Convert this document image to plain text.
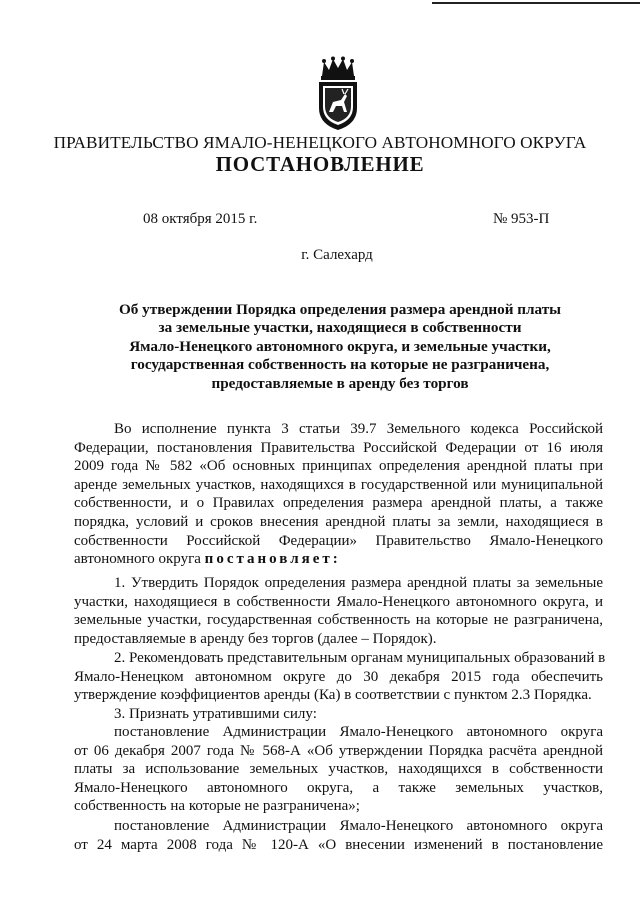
ПРАВИТЕЛЬСТВО ЯМАЛО-НЕНЕЦКОГО АВТОНОМНОГО ОКРУГА
ПОСТАНОВЛЕНИЕ
08 октября 2015 г.	№ 953-П
г. Салехард
Об утверждении Порядка определения размера арендной платы
за земельные участки, находящиеся в собственности
Ямало-Ненецкого автономного округа, и земельные участки,
государственная собственность на которые не разграничена,
предоставляемые в аренду без торгов
Во исполнение пункта 3 статьи 39.7 Земельного кодекса Российской
Федерации, постановления Правительства Российской Федерации от 16 июля
2009 года № 582 «Об основных принципах определения арендной платы при
аренде земельных участков, находящихся в государственной или муниципальной
собственности, и о Правилах определения размера арендной платы, а также
порядка, условий и сроков внесения арендной платы за земли, находящиеся в
собственности Российской Федерации» Правительство Ямало-Ненецкого
автономного округа постановляет:
1. Утвердить Порядок определения размера арендной платы за земельные
участки, находящиеся в собственности Ямало-Ненецкого автономного округа, и
земельные участки, государственная собственность на которые не разграничена,
предоставляемые в аренду без торгов (далее – Порядок).
2. Рекомендовать представительным органам муниципальных образований в
Ямало-Ненецком автономном округе до 30 декабря 2015 года обеспечить
утверждение коэффициентов аренды (Ка) в соответствии с пунктом 2.3 Порядка.
3. Признать утратившими силу:
постановление Администрации Ямало-Ненецкого автономного округа
от 06 декабря 2007 года № 568-А «Об утверждении Порядка расчёта арендной
платы за использование земельных участков, находящихся в собственности
Ямало-Ненецкого автономного округа, а также земельных участков,
собственность на которые не разграничена»;
постановление Администрации Ямало-Ненецкого автономного округа
от 24 марта 2008 года № 120-А «О внесении изменений в постановление
